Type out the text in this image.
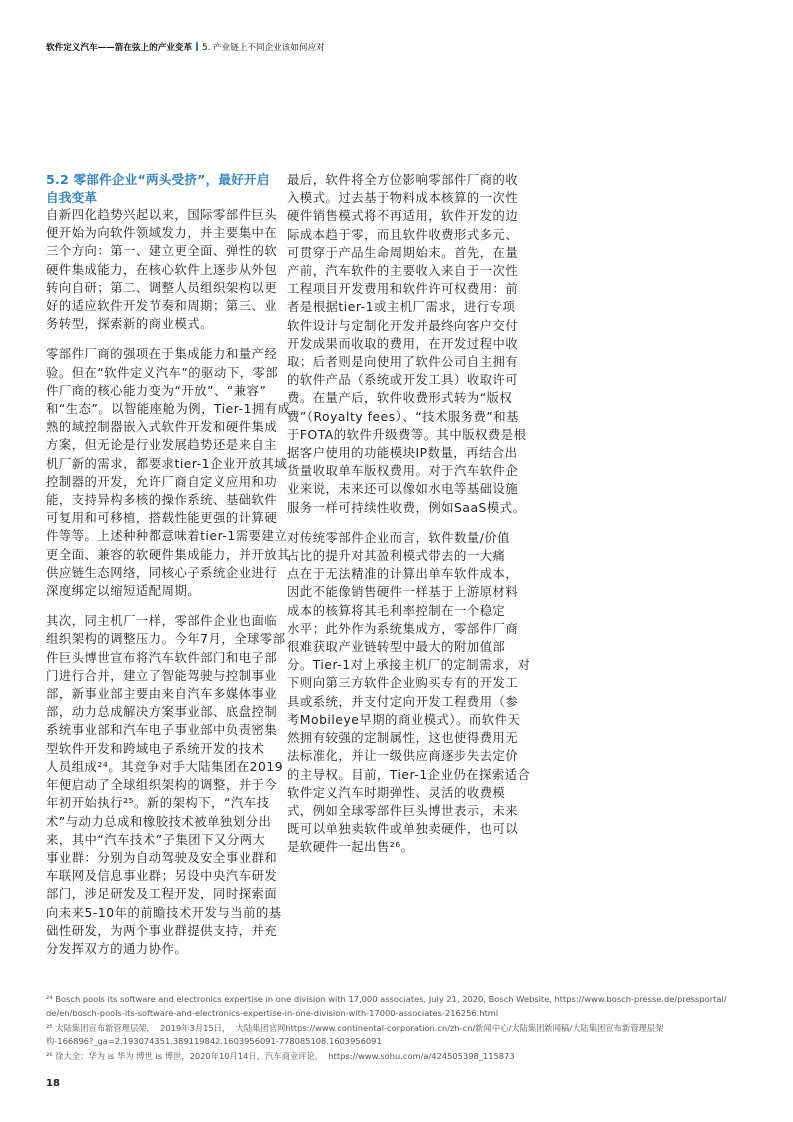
软件定义汽车——箭在弦上的产业变革 5. 产业链上不同企业该如何应对
5.2 零部件企业“两头受挤”，最好开启
自我变革

自新四化趋势兴起以来，国际零部件巨头
便开始为向软件领域发力，并主要集中在
三个方向：第一、建立更全面、弹性的软
硬件集成能力，在核心软件上逐步从外包
转向自研；第二、调整人员组织架构以更
好的适应软件开发节奏和周期；第三、业
务转型，探索新的商业模式。

零部件厂商的强项在于集成能力和量产经
验。但在“软件定义汽车”的驱动下，零部
件厂商的核心能力变为“开放”、“兼容”
和“生态”。以智能座舱为例，Tier-1拥有成
熟的域控制器嵌入式软件开发和硬件集成
方案，但无论是行业发展趋势还是来自主
机厂新的需求，都要求tier-1企业开放其域
控制器的开发，允许厂商自定义应用和功
能，支持异构多核的操作系统、基础软件
可复用和可移植，搭载性能更强的计算硬
件等等。上述种种都意味着tier-1需要建立
更全面、兼容的软硬件集成能力，并开放其
供应链生态网络，同核心子系统企业进行
深度绑定以缩短适配周期。

其次，同主机厂一样，零部件企业也面临
组织架构的调整压力。今年7月，全球零部
件巨头博世宣布将汽车软件部门和电子部
门进行合并，建立了智能驾驶与控制事业
部，新事业部主要由来自汽车多媒体事业
部，动力总成解决方案事业部、底盘控制
系统事业部和汽车电子事业部中负责密集
型软件开发和跨域电子系统开发的技术
人员组成²⁴。其竞争对手大陆集团在2019
年便启动了全球组织架构的调整，并于今
年初开始执行²⁵。新的架构下，“汽车技
术”与动力总成和橡胶技术被单独划分出
来，其中“汽车技术”子集团下又分两大
事业群：分别为自动驾驶及安全事业群和
车联网及信息事业群；另设中央汽车研发
部门，涉足研发及工程开发，同时探索面
向未来5-10年的前瞻技术开发与当前的基
础性研发，为两个事业群提供支持，并充
分发挥双方的通力协作。

最后，软件将全方位影响零部件厂商的收
入模式。过去基于物料成本核算的一次性
硬件销售模式将不再适用，软件开发的边
际成本趋于零，而且软件收费形式多元、
可贯穿于产品生命周期始末。首先，在量
产前，汽车软件的主要收入来自于一次性
工程项目开发费用和软件许可权费用：前
者是根据tier-1或主机厂需求，进行专项
软件设计与定制化开发并最终向客户交付
开发成果而收取的费用，在开发过程中收
取；后者则是向使用了软件公司自主拥有
的软件产品（系统或开发工具）收取许可
费。在量产后，软件收费形式转为“版权
费”（Royalty fees）、“技术服务费”和基
于FOTA的软件升级费等。其中版权费是根
据客户使用的功能模块IP数量，再结合出
货量收取单车版权费用。对于汽车软件企
业来说，未来还可以像如水电等基础设施
服务一样可持续性收费，例如SaaS模式。

对传统零部件企业而言，软件数量/价值
占比的提升对其盈利模式带去的一大痛
点在于无法精准的计算出单车软件成本，
因此不能像销售硬件一样基于上游原材料
成本的核算将其毛利率控制在一个稳定
水平；此外作为系统集成方，零部件厂商
很难获取产业链转型中最大的附加值部
分。Tier-1对上承接主机厂的定制需求，对
下则向第三方软件企业购买专有的开发工
具或系统，并支付定向开发工程费用（参
考Mobileye早期的商业模式）。而软件天
然拥有较强的定制属性，这也使得费用无
法标准化，并让一级供应商逐步失去定价
的主导权。目前，Tier-1企业仍在探索适合
软件定义汽车时期弹性、灵活的收费模
式，例如全球零部件巨头博世表示，未来
既可以单独卖软件或单独卖硬件，也可以
是软硬件一起出售²⁶。

²⁴ Bosch pools its software and electronics expertise in one division with 17,000 associates, July 21, 2020, Bosch Website, https://www.bosch-presse.de/pressportal/
de/en/bosch-pools-its-software-and-electronics-expertise-in-one-division-with-17000-associates-216256.html
²⁵ 大陆集团宣布新管理层架，  2019年3月15日，  大陆集团官网https://www.continental-corporation.cn/zh-cn/新闻中心/大陆集团新闻稿/大陆集团宣布新管理层架
构-166896?_ga=2.193074351.389119842.1603956091-778085108.1603956091
²⁶ 徐大全：华为 is 华为 博世 is 博世，2020年10月14日，汽车商业评论，  https://www.sohu.com/a/424505398_115873
18
